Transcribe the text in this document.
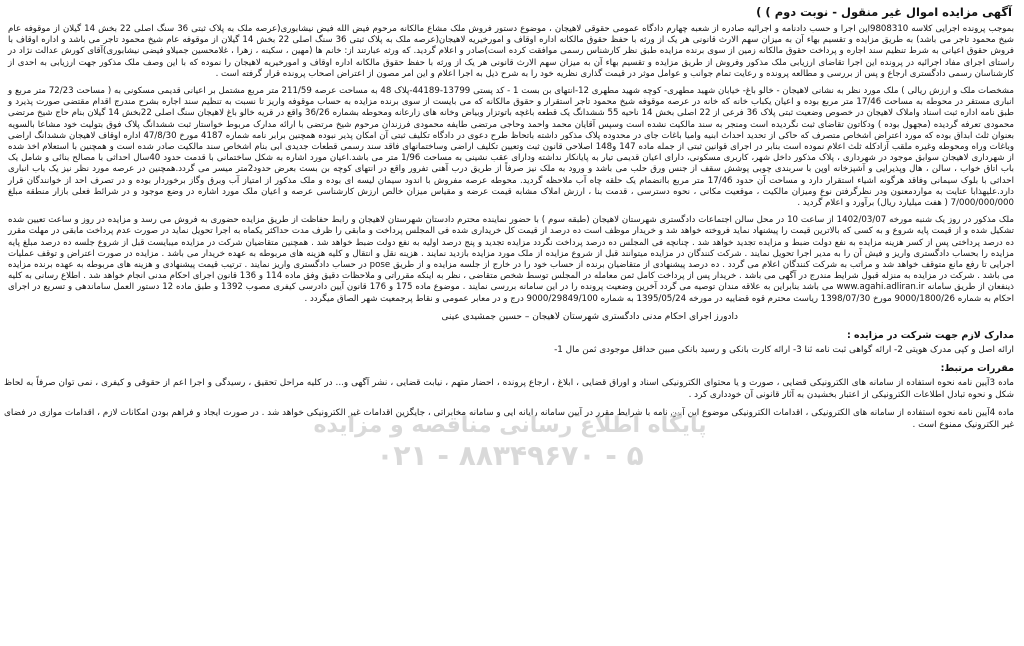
آگهی مزایده اموال غیر منقول - نوبت دوم ) )

بموجب پرونده اجرایی کلاسه 9808310این اجرا و حسب دادنامه و اجرائیه صادره از شعبه چهارم دادگاه عمومی حقوقی لاهیجان ، موضوع دستور فروش ملک مشاع مالکانه مرحوم فیض الله فیض نیشابوری(عرصه ملک به پلاک ثبتی 36 سنگ اصلی 22 بخش 14 گیلان از موقوفه عام شیخ محمود تاجر می باشد) به طریق مزایده و تقسیم بهاء آن به میزان سهم الارث قانونی هر یک از ورثه با حفظ حقوق مالکانه اداره اوقاف و امورخیریه لاهیجان(عرصه ملک به پلاک ثبتی 36 سنگ اصلی 22 بخش 14 گیلان از موقوفه عام شیخ محمود تاجر می باشد و اداره اوقاف با فروش حقوق اعیانی به شرط تنظیم سند اجاره و پرداخت حقوق مالکانه زمین از سوی برنده مزایده طبق نظر کارشناس رسمی موافقت کرده است)صادر و اعلام گردید. که ورثه عبارتند از: خانم ها (مهین ، سکینه ، زهرا ، غلامحسین جمیلاو فیضی نیشابوری)آقای کورش عدالت نژاد در راستای اجرای مفاد اجرائیه در پرونده این اجرا تقاضای ارزیابی ملک مذکور وفروش از طریق مزایده و تقسیم بهاء آن به میزان سهم الارث قانونی هر یک از ورثه با حفظ حقوق مالکانه اداره اوقاف و امورخیریه لاهیجان را نموده که با این وصف ملک مذکور جهت ارزیابی به احدی از کارشناسان رسمی دادگستری ارجاع و پس از بررسی و مطالعه پرونده و رعایت تمام جوانب و عوامل موثر در قیمت گذاری نظریه خود را به شرح ذیل به اجرا اعلام و این امر مصون از اعتراض اصحاب پرونده قرار گرفته است .

مشخصات ملک و ارزش ریالی ) ملک مورد نظر به نشانی لاهیجان - خالو باغ- خیابان شهید مطهری- کوچه شهید مطهری 12-انتهای بن بست 1 - کد پستی 13799-44189-پلاک 48 به مساحت عرصه 211/59 متر مربع مشتمل بر اعیانی قدیمی مسکونی به ( مساحت 72/23 متر مربع و انباری مستقر در محوطه به مساحت 17/46 متر مربع بوده و اعیان یکباب خانه که خانه در عرصه موقوفه شیخ محمود تاجر استقرار و حقوق مالکانه که می بایست از سوی برنده مزایده به حساب موقوفه واریز تا نسبت به تنظیم سند اجاره بشرح مندرج اقدام مقتضی صورت پذیرد و طبق نامه اداره ثبت اسناد واملاک لاهیجان در خصوص وضعیت ثبتی پلاک 36 فرعی از 22 اصلی بخش 14 ناحیه 55 ششدانگ یک قطعه باغچه باتوتزار وبیاض وخانه های زارعانه ومحوطه بشماره 36/26 واقع در قریه خالو باغ لاهیجان سنگ اصلی 22بخش 14 گیلان بنام حاج شیخ مرتضی محمودی تعرفه گردیده (مجهول بوده ) ودکاتون تقاضای ثبت نگردیده است ومنجر به سند مالکیت نشده است وسپس آقایان محمد واحمد وحاجی مرتضی طایفه محمودی فرزندان مرحوم شیخ مرتضی با ارائه مدارک مربوط خواستار ثبت ششدانگ پلاک فوق بتولیت خود مشاعا بالسویه بعنوان ثلث ابداق بوده که مورد اعتراض اشخاص متصرف که حاکی از تحدید احداث ابنیه وامیا باغات جای در محدوده پلاک مذکور داشته باتحاظ طرح دعوی در دادگاه تکلیف ثبتی آن امکان پذیر نبوده همچنین برابر نامه شماره 4187 مورخ 47/8/30 اداره اوقاف لاهیجان ششدانگ اراضی وباغات وراه ومحوطه وغیره ملقب آزادکله ثلث اعلام نموده است بنابر در اجرای قوانین ثبتی از جمله ماده 147 و148 اصلاحی قانون ثبت وتعیین تکلیف اراضی وساختمانهای فاقد سند رسمی قطعات جدیدی ابی بنام اشخاص سند مالکیت صادر شده است و همچنین با استعلام اخذ شده از شهرداری لاهیجان سوابق موجود در شهرداری ، پلاک مذکور داخل شهر، کاربری مسکونی، دارای اعیان قدیمی تیار به پایانکار نداشته ودارای عقب نشینی به مساحت 1/96 متر می باشد.اعیان مورد اشاره به شکل ساختمانی با قدمت حدود 40سال احداثی با مصالح بنائی و شامل یک باب اتاق خواب ، سالن ، هال وپذیرایی و آشپزخانه اوپن با سربندی چوبی پوشش سقف از جنس ورق حلب می باشد و ورود به ملک نیز صرفاً از طریق درب آهنی تفرور واقع در انتهای کوچه بن بست بعرض حدود2متر میسر می گردد.همچنین در عرصه مورد نظر نیز یک باب انباری احداثی با بلوک سیمانی وفاقد هرگونه اشیاء استقرار دارد و مساحت آن حدود 17/46 متر مربع باانضمام یک حلقه چاه آب ملاحظه گردید. محوطه عرصه مفروش با اندود سیمان لیسه ای بوده و ملک مذکور از امتیاز آب وبرق وگاز برخوردار بوده و در تصرف احد از خوانندگان قرار دارد.علیهذابا عنایت به مواردمعنون ودر نظرگرفتن نوع ومیزان مالکیت ، موقعیت مکانی ، نحوه دسترسی ، قدمت بنا ، ارزش املاک مشابه قیمت عرضه و مقیاس میزان خالص ارزش کارشناسی عرصه و اعیان ملک مورد اشاره در وضع موجود و در شرائط فعلی بازار منطقه مبلغ 7/000/000/000 ( هفت میلیارد ریال) برآورد و اعلام گردید .

ملک مذکور در روز یک شنبه مورخه 1402/03/07 از ساعت 10 در محل سالن اجتماعات دادگستری شهرستان لاهیجان (طبقه سوم ) با حضور نماینده محترم دادستان شهرستان لاهیجان و رابط حفاظت از طریق مزایده حضوری به فروش می رسد و مزایده در روز و ساعت تعیین شده تشکیل شده و از قیمت پایه شروع و به کسی که بالاترین قیمت را پیشنهاد نماید فروخته خواهد شد و خریدار موظف است ده درصد از قیمت کل خریداری شده فی المجلس پرداخت و مابقی را ظرف مدت حداکثر یکماه به اجرا تحویل نماید در صورت عدم پرداخت مابقی در مهلت مقرر ده درصد پرداختی پس از کسر هزینه مزایده به نفع دولت ضبط و مزایده تجدید خواهد شد . چنانچه فی المجلس ده درصد پرداخت نگردد مزایده تجدید و پنج درصد اولیه به نفع دولت ضبط خواهد شد . همچنین متقاضیان شرکت در مزایده میبایست قبل از شروع جلسه ده درصد مبلغ پایه مزایده را بحساب دادگستری واریز و فیش آن را به مدیر اجرا تحویل نمایند . شرکت کنندگان در مزایده میتوانند قبل از شروع مزایده از ملک مورد مزایده بازدید نمایند . هزینه نقل و انتقال و کلیه هزینه های مربوطه به عهده خریدار می باشد . مزایده در صورت اعتراض و توقف عملیات اجرایی تا رفع مانع متوقف خواهد شد و مراتب به شرکت کنندگان اعلام می گردد . ده درصد پیشنهادی از متقاضیان برنده از حساب خود را در خارج از جلسه مزایده و از طریق pose در حساب دادگستری واریز نمایند . ترتیب قیمت پیشنهادی و هزینه های مربوطه به عهده برنده مزایده می باشد . شرکت در مزایده به منزله قبول شرایط مندرج در آگهی می باشد . خریدار پس از پرداخت کامل ثمن معامله در المجلس توسط شخص متقاضی ، نظر به اینکه مقرراتی و ملاحظات دقیق وفق ماده 114 و 136 قانون اجرای احکام مدنی انجام خواهد شد . اطلاع رسانی به کلیه ذینفعان از طریق سامانه www.agahi.adliran.ir می باشد بنابراین به علاقه مندان توصیه می گردد آخرین وضعیت پرونده را در این سامانه بررسی نمایند . موضوع ماده 175 و 176 قانون آیین دادرسی کیفری مصوب 1392 و طبق ماده 12 دستور العمل ساماندهی و تسریع در اجرای احکام به شماره 9000/1800/26 مورخ 1398/07/30 ریاست محترم قوه قضاییه در مورخه 1395/05/24 به شماره 9000/29849/100 درج و در معابر عمومی و نقاط پرجمعیت شهر الصاق میگردد .

دادورز اجرای احکام مدنی دادگستری شهرستان لاهیجان – حسین جمشیدی عینی
مدارک لازم جهت شرکت در مزایده :
ارائه اصل و کپی مدرک هویتی 2- ارائه گواهی ثبت نامه ثنا 3- ارائه کارت بانکی و رسید بانکی مبین حداقل موجودی ثمن مال 1-
مقررات مرتبط:
ماده 3آیین نامه نحوه استفاده از سامانه های الکترونیکی قضایی ، صورت و یا محتوای الکترونیکی اسناد و اوراق قضایی ، ابلاغ ، ارجاع پرونده ، احضار متهم ، نیابت قضایی ، نشر آگهی و... در کلیه مراحل تحقیق ، رسیدگی و اجرا اعم از حقوقی و کیفری ، نمی توان صرفاً به لحاظ شکل و نحوه تبادل اطلاعات الکترونیکی از اعتبار بخشیدن به آثار قانونی آن خودداری کرد .
ماده 4آیین نامه نحوه استفاده از سامانه های الکترونیکی ، اقدامات الکترونیکی موضوع این آیین نامه با شرایط مقرر در آیین سامانه رایانه ایی و سامانه مخابراتی ، جایگزین اقدامات غیر الکترونیکی خواهد شد . در صورت ایجاد و فراهم بودن امکانات لازم ، اقدامات موازی در فضای غیر الکترونیک ممنوع است .
پایگاه اطلاع رسانی مناقصه و مزایده
۰۲۱ - ۸۸۳۴۹۶۷۰ - ۵
